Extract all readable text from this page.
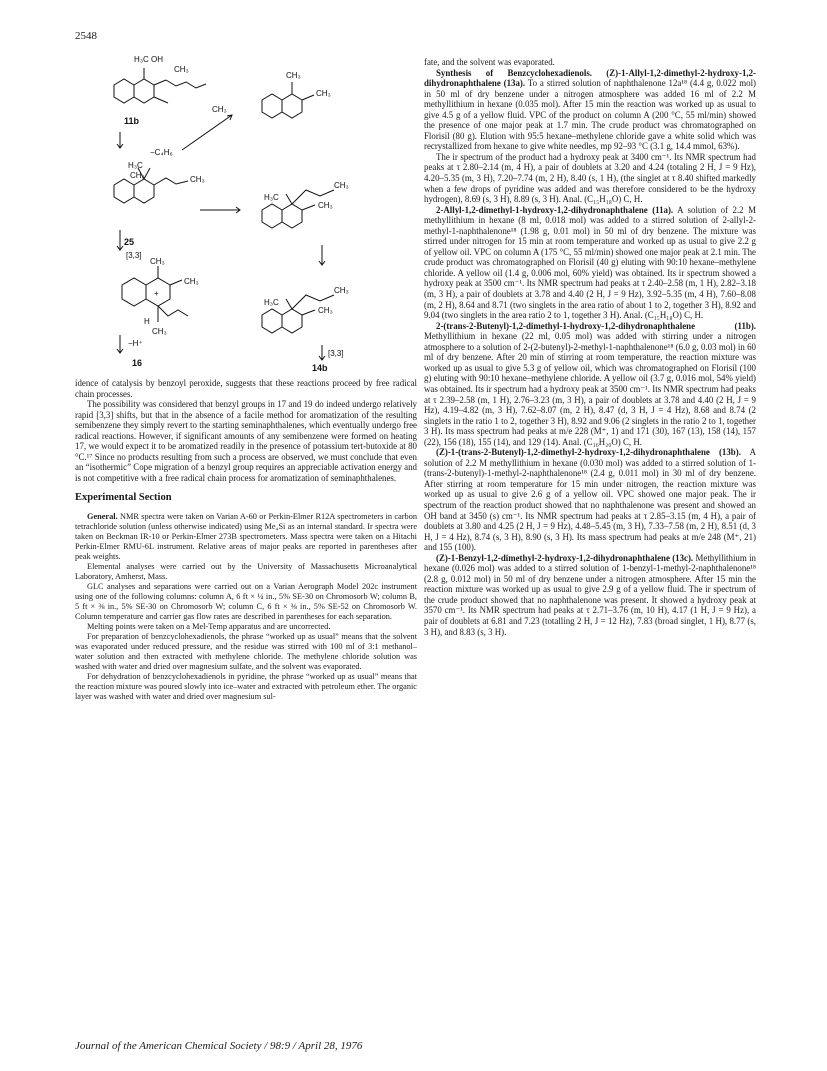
2548
H₃C OH
CH₃
CH₃
11b
−C₄H₆
CH₃
CH₃
H₃C
CH₃	CH₃
25
[3,3]
H₃C
CH₃
CH₃
CH₃
CH₃
+
H
CH₃
−H⁺
16
H₃C
CH₃
CH₃
[3,3]
14b

idence of catalysis by benzoyl peroxide, suggests that these reactions proceed by free radical chain processes.

The possibility was considered that benzyl groups in 17 and 19 do indeed undergo relatively rapid [3,3] shifts, but that in the absence of a facile method for aromatization of the resulting semibenzene they simply revert to the starting seminaphthalenes, which eventually undergo free radical reactions. However, if significant amounts of any semibenzene were formed on heating 17, we would expect it to be aromatized readily in the presence of potassium tert-butoxide at 80 °C.¹⁷ Since no products resulting from such a process are observed, we must conclude that even an “isothermic” Cope migration of a benzyl group requires an appreciable activation energy and is not competitive with a free radical chain process for aromatization of seminaphthalenes.

Experimental Section

General. NMR spectra were taken on Varian A-60 or Perkin-Elmer R12A spectrometers in carbon tetrachloride solution (unless otherwise indicated) using Me₄Si as an internal standard. Ir spectra were taken on Beckman IR-10 or Perkin-Elmer 273B spectrometers. Mass spectra were taken on a Hitachi Perkin-Elmer RMU-6L instrument. Relative areas of major peaks are reported in parentheses after peak weights.

Elemental analyses were carried out by the University of Massachusetts Microanalytical Laboratory, Amherst, Mass.

GLC analyses and separations were carried out on a Varian Aerograph Model 202c instrument using one of the following columns: column A, 6 ft × ¼ in., 5% SE-30 on Chromosorb W; column B, 5 ft × ⅜ in., 5% SE-30 on Chromosorb W; column C, 6 ft × ⅜ in., 5% SE-52 on Chromosorb W. Column temperature and carrier gas flow rates are described in parentheses for each separation.

Melting points were taken on a Mel-Temp apparatus and are uncorrected.

For preparation of benzcyclohexadienols, the phrase “worked up as usual” means that the solvent was evaporated under reduced pressure, and the residue was stirred with 100 ml of 3:1 methanol–water solution and then extracted with methylene chloride. The methylene chloride solution was washed with water and dried over magnesium sulfate, and the solvent was evaporated.

For dehydration of benzcyclohexadienols in pyridine, the phrase “worked up as usual” means that the reaction mixture was poured slowly into ice–water and extracted with petroleum ether. The organic layer was washed with water and dried over magnesium sul-

fate, and the solvent was evaporated.

Synthesis of Benzcyclohexadienols. (Z)-1-Allyl-1,2-dimethyl-2-hydroxy-1,2-dihydronaphthalene (13a). To a stirred solution of naphthalenone 12a¹⁸ (4.4 g, 0.022 mol) in 50 ml of dry benzene under a nitrogen atmosphere was added 16 ml of 2.2 M methyllithium in hexane (0.035 mol). After 15 min the reaction was worked up as usual to give 4.5 g of a yellow fluid. VPC of the product on column A (200 °C, 55 ml/min) showed the presence of one major peak at 1.7 min. The crude product was chromatographed on Florisil (80 g). Elution with 95:5 hexane–methylene chloride gave a white solid which was recrystallized from hexane to give white needles, mp 92–93 °C (3.1 g, 14.4 mmol, 63%).

The ir spectrum of the product had a hydroxy peak at 3400 cm⁻¹. Its NMR spectrum had peaks at τ 2.80–2.14 (m, 4 H), a pair of doublets at 3.20 and 4.24 (totaling 2 H, J = 9 Hz), 4.20–5.35 (m, 3 H), 7.20–7.74 (m, 2 H), 8.40 (s, 1 H), (the singlet at τ 8.40 shifted markedly when a few drops of pyridine was added and was therefore considered to be the hydroxy hydrogen), 8.69 (s, 3 H), 8.89 (s, 3 H). Anal. (C₁₅H₁₈O) C, H.

2-Allyl-1,2-dimethyl-1-hydroxy-1,2-dihydronaphthalene (11a). A solution of 2.2 M methyllithium in hexane (8 ml, 0.018 mol) was added to a stirred solution of 2-allyl-2-methyl-1-naphthalenone¹⁸ (1.98 g, 0.01 mol) in 50 ml of dry benzene. The mixture was stirred under nitrogen for 15 min at room temperature and worked up as usual to give 2.2 g of yellow oil. VPC on column A (175 °C, 55 ml/min) showed one major peak at 2.1 min. The crude product was chromatographed on Florisil (40 g) eluting with 90:10 hexane–methylene chloride. A yellow oil (1.4 g, 0.006 mol, 60% yield) was obtained. Its ir spectrum showed a hydroxy peak at 3500 cm⁻¹. Its NMR spectrum had peaks at τ 2.40–2.58 (m, 1 H), 2.82–3.18 (m, 3 H), a pair of doublets at 3.78 and 4.40 (2 H, J = 9 Hz), 3.92–5.35 (m, 4 H), 7.60–8.08 (m, 2 H), 8.64 and 8.71 (two singlets in the area ratio of about 1 to 2, together 3 H), 8.92 and 9.04 (two singlets in the area ratio 2 to 1, together 3 H). Anal. (C₁₅H₁₈O) C, H.

2-(trans-2-Butenyl)-1,2-dimethyl-1-hydroxy-1,2-dihydronaphthalene (11b). Methyllithium in hexane (22 ml, 0.05 mol) was added with stirring under a nitrogen atmosphere to a solution of 2-(2-butenyl)-2-methyl-1-naphthalenone¹⁸ (6.0 g, 0.03 mol) in 60 ml of dry benzene. After 20 min of stirring at room temperature, the reaction mixture was worked up as usual to give 5.3 g of yellow oil, which was chromatographed on Florisil (100 g) eluting with 90:10 hexane–methylene chloride. A yellow oil (3.7 g, 0.016 mol, 54% yield) was obtained. Its ir spectrum had a hydroxy peak at 3500 cm⁻¹. Its NMR spectrum had peaks at τ 2.39–2.58 (m, 1 H), 2.76–3.23 (m, 3 H), a pair of doublets at 3.78 and 4.40 (2 H, J = 9 Hz), 4.19–4.82 (m, 3 H), 7.62–8.07 (m, 2 H), 8.47 (d, 3 H, J = 4 Hz), 8.68 and 8.74 (2 singlets in the ratio 1 to 2, together 3 H), 8.92 and 9.06 (2 singlets in the ratio 2 to 1, together 3 H). Its mass spectrum had peaks at m/e 228 (M⁺, 1) and 171 (30), 167 (13), 158 (14), 157 (22), 156 (18), 155 (14), and 129 (14). Anal. (C₁₆H₂₀O) C, H.

(Z)-1-(trans-2-Butenyl)-1,2-dimethyl-2-hydroxy-1,2-dihydronaphthalene (13b). A solution of 2.2 M methyllithium in hexane (0.030 mol) was added to a stirred solution of 1-(trans-2-butenyl)-1-methyl-2-naphthalenone¹⁸ (2.4 g, 0.011 mol) in 30 ml of dry benzene. After stirring at room temperature for 15 min under nitrogen, the reaction mixture was worked up as usual to give 2.6 g of a yellow oil. VPC showed one major peak. The ir spectrum of the reaction product showed that no naphthalenone was present and showed an OH band at 3450 (s) cm⁻¹. Its NMR spectrum had peaks at τ 2.85–3.15 (m, 4 H), a pair of doublets at 3.80 and 4.25 (2 H, J = 9 Hz), 4.48–5.45 (m, 3 H), 7.33–7.58 (m, 2 H), 8.51 (d, 3 H, J = 4 Hz), 8.74 (s, 3 H), 8.90 (s, 3 H). Its mass spectrum had peaks at m/e 248 (M⁺, 21) and 155 (100).

(Z)-1-Benzyl-1,2-dimethyl-2-hydroxy-1,2-dihydronaphthalene (13c). Methyllithium in hexane (0.026 mol) was added to a stirred solution of 1-benzyl-1-methyl-2-naphthalenone¹⁸ (2.8 g, 0.012 mol) in 50 ml of dry benzene under a nitrogen atmosphere. After 15 min the reaction mixture was worked up as usual to give 2.9 g of a yellow fluid. The ir spectrum of the crude product showed that no naphthalenone was present. It showed a hydroxy peak at 3570 cm⁻¹. Its NMR spectrum had peaks at τ 2.71–3.76 (m, 10 H), 4.17 (1 H, J = 9 Hz), a pair of doublets at 6.81 and 7.23 (totalling 2 H, J = 12 Hz), 7.83 (broad singlet, 1 H), 8.77 (s, 3 H), and 8.83 (s, 3 H).

Journal of the American Chemical Society / 98:9 / April 28, 1976
